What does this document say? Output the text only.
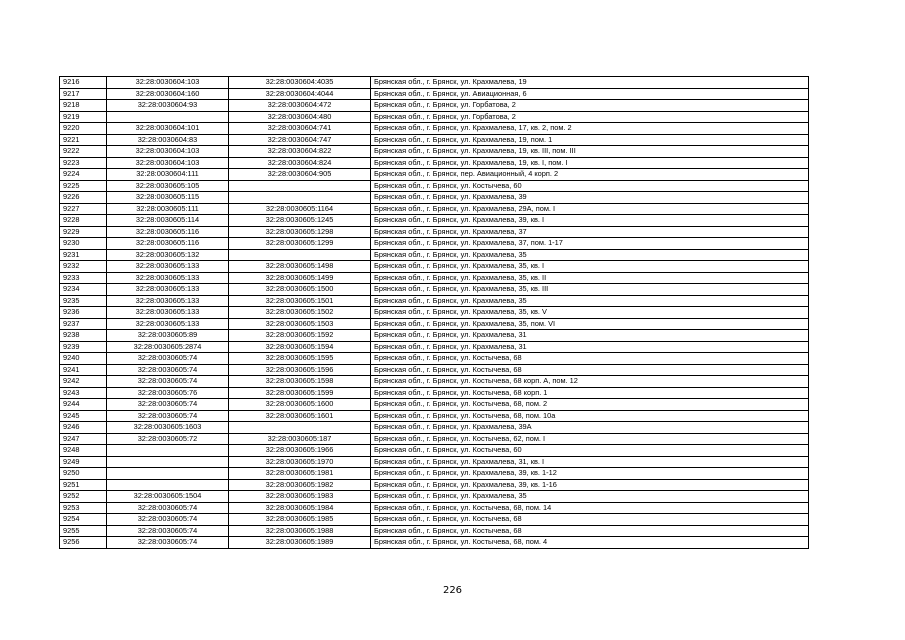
9216	32:28:0030604:103	32:28:0030604:4035	Брянская обл., г. Брянск, ул. Крахмалева, 19
9217	32:28:0030604:160	32:28:0030604:4044	Брянская обл., г. Брянск, ул. Авиационная, 6
9218	32:28:0030604:93	32:28:0030604:472	Брянская обл., г. Брянск, ул. Горбатова, 2
9219		32:28:0030604:480	Брянская обл., г. Брянск, ул. Горбатова, 2
9220	32:28:0030604:101	32:28:0030604:741	Брянская обл., г. Брянск, ул. Крахмалева, 17, кв. 2, пом. 2
9221	32:28:0030604:83	32:28:0030604:747	Брянская обл., г. Брянск, ул. Крахмалева, 19, пом. 1
9222	32:28:0030604:103	32:28:0030604:822	Брянская обл., г. Брянск, ул. Крахмалева, 19, кв. III, пом. III
9223	32:28:0030604:103	32:28:0030604:824	Брянская обл., г. Брянск, ул. Крахмалева, 19, кв. I, пом. I
9224	32:28:0030604:111	32:28:0030604:905	Брянская обл., г. Брянск, пер. Авиационный, 4 корп. 2
9225	32:28:0030605:105		Брянская обл., г. Брянск, ул. Костычева, 60
9226	32:28:0030605:115		Брянская обл., г. Брянск, ул. Крахмалева, 39
9227	32:28:0030605:111	32:28:0030605:1164	Брянская обл., г. Брянск, ул. Крахмалева, 29А, пом. I
9228	32:28:0030605:114	32:28:0030605:1245	Брянская обл., г. Брянск, ул. Крахмалева, 39, кв. I
9229	32:28:0030605:116	32:28:0030605:1298	Брянская обл., г. Брянск, ул. Крахмалева, 37
9230	32:28:0030605:116	32:28:0030605:1299	Брянская обл., г. Брянск, ул. Крахмалева, 37, пом. 1-17
9231	32:28:0030605:132		Брянская обл., г. Брянск, ул. Крахмалева, 35
9232	32:28:0030605:133	32:28:0030605:1498	Брянская обл., г. Брянск, ул. Крахмалева, 35, кв. I
9233	32:28:0030605:133	32:28:0030605:1499	Брянская обл., г. Брянск, ул. Крахмалева, 35, кв. II
9234	32:28:0030605:133	32:28:0030605:1500	Брянская обл., г. Брянск, ул. Крахмалева, 35, кв. III
9235	32:28:0030605:133	32:28:0030605:1501	Брянская обл., г. Брянск, ул. Крахмалева, 35
9236	32:28:0030605:133	32:28:0030605:1502	Брянская обл., г. Брянск, ул. Крахмалева, 35, кв. V
9237	32:28:0030605:133	32:28:0030605:1503	Брянская обл., г. Брянск, ул. Крахмалева, 35, пом. VI
9238	32:28:0030605:89	32:28:0030605:1592	Брянская обл., г. Брянск, ул. Крахмалева, 31
9239	32:28:0030605:2874	32:28:0030605:1594	Брянская обл., г. Брянск, ул. Крахмалева, 31
9240	32:28:0030605:74	32:28:0030605:1595	Брянская обл., г. Брянск, ул. Костычева, 68
9241	32:28:0030605:74	32:28:0030605:1596	Брянская обл., г. Брянск, ул. Костычева, 68
9242	32:28:0030605:74	32:28:0030605:1598	Брянская обл., г. Брянск, ул. Костычева, 68 корп. А, пом. 12
9243	32:28:0030605:76	32:28:0030605:1599	Брянская обл., г. Брянск, ул. Костычева, 68 корп. 1
9244	32:28:0030605:74	32:28:0030605:1600	Брянская обл., г. Брянск, ул. Костычева, 68, пом. 2
9245	32:28:0030605:74	32:28:0030605:1601	Брянская обл., г. Брянск, ул. Костычева, 68, пом. 10а
9246	32:28:0030605:1603		Брянская обл., г. Брянск, ул. Крахмалева, 39А
9247	32:28:0030605:72	32:28:0030605:187	Брянская обл., г. Брянск, ул. Костычева, 62, пом. I
9248		32:28:0030605:1966	Брянская обл., г. Брянск, ул. Костычева, 60
9249		32:28:0030605:1970	Брянская обл., г. Брянск, ул. Крахмалева, 31, кв. I
9250		32:28:0030605:1981	Брянская обл., г. Брянск, ул. Крахмалева, 39, кв. 1-12
9251		32:28:0030605:1982	Брянская обл., г. Брянск, ул. Крахмалева, 39, кв. 1-16
9252	32:28:0030605:1504	32:28:0030605:1983	Брянская обл., г. Брянск, ул. Крахмалева, 35
9253	32:28:0030605:74	32:28:0030605:1984	Брянская обл., г. Брянск, ул. Костычева, 68, пом. 14
9254	32:28:0030605:74	32:28:0030605:1985	Брянская обл., г. Брянск, ул. Костычева, 68
9255	32:28:0030605:74	32:28:0030605:1988	Брянская обл., г. Брянск, ул. Костычева, 68
9256	32:28:0030605:74	32:28:0030605:1989	Брянская обл., г. Брянск, ул. Костычева, 68, пом. 4
226
